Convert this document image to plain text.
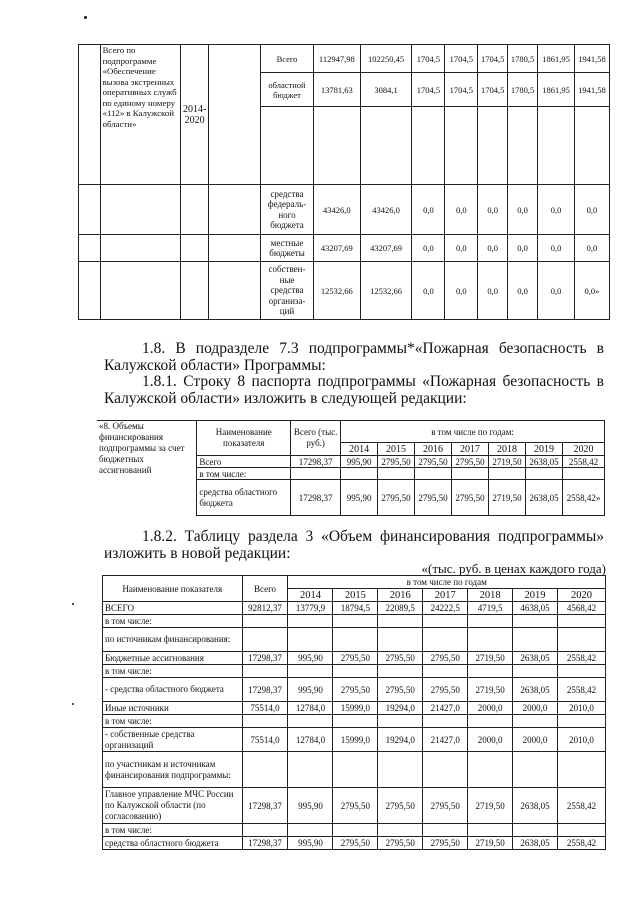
	Всего по подпрограмме «Обеспечение вызова экстренных оперативных служб по единому номеру «112» в Калужской области»	2014-2020		Всего	112947,98	102250,45	1704,5	1704,5	1704,5	1780,5	1861,95	1941,58
				областной бюджет	13781,63	3084,1	1704,5	1704,5	1704,5	1780,5	1861,95	1941,58

				средства федераль-ного бюджета	43426,0	43426,0	0,0	0,0	0,0	0,0	0,0	0,0
				местные бюджеты	43207,69	43207,69	0,0	0,0	0,0	0,0	0,0	0,0
				собствен-ные средства организа-ций	12532,66	12532,66	0,0	0,0	0,0	0,0	0,0	0,0»
1.8. В подразделе 7.3 подпрограммы*«Пожарная безопасность в Калужской области» Программы:
1.8.1. Строку 8 паспорта подпрограммы «Пожарная безопасность в Калужской области» изложить в следующей редакции:
«8. Объемы финансирования подпрограммы за счет бюджетных ассигнований	Наименование показателя	Всего (тыс. руб.)	в том числе по годам:						
			2014	2015	2016	2017	2018	2019	2020
	Всего	17298,37	995,90	2795,50	2795,50	2795,50	2719,50	2638,05	2558,42
	в том числе:								
	средства областного бюджета	17298,37	995,90	2795,50	2795,50	2795,50	2719,50	2638,05	2558,42»
1.8.2. Таблицу раздела 3 «Объем финансирования подпрограммы» изложить в новой редакции:
«(тыс. руб. в ценах каждого года)
Наименование показателя	Всего	в том числе по годам						
		2014	2015	2016	2017	2018	2019	2020
ВСЕГО	92812,37	13779,9	18794,5	22089,5	24222,5	4719,5	4638,05	4568,42
в том числе:								
по источникам финансирования:								
Бюджетные ассигнования	17298,37	995,90	2795,50	2795,50	2795,50	2719,50	2638,05	2558,42
в том числе:								
- средства областного бюджета	17298,37	995,90	2795,50	2795,50	2795,50	2719,50	2638,05	2558,42
Иные источники	75514,0	12784,0	15999,0	19294,0	21427,0	2000,0	2000,0	2010,0
в том числе:								
- собственные средства организаций	75514,0	12784,0	15999,0	19294,0	21427,0	2000,0	2000,0	2010,0
по участникам и источникам финансирования подпрограммы:								
Главное управление МЧС России по Калужской области (по согласованию)	17298,37	995,90	2795,50	2795,50	2795,50	2719,50	2638,05	2558,42
в том числе:								
средства областного бюджета	17298,37	995,90	2795,50	2795,50	2795,50	2719,50	2638,05	2558,42
